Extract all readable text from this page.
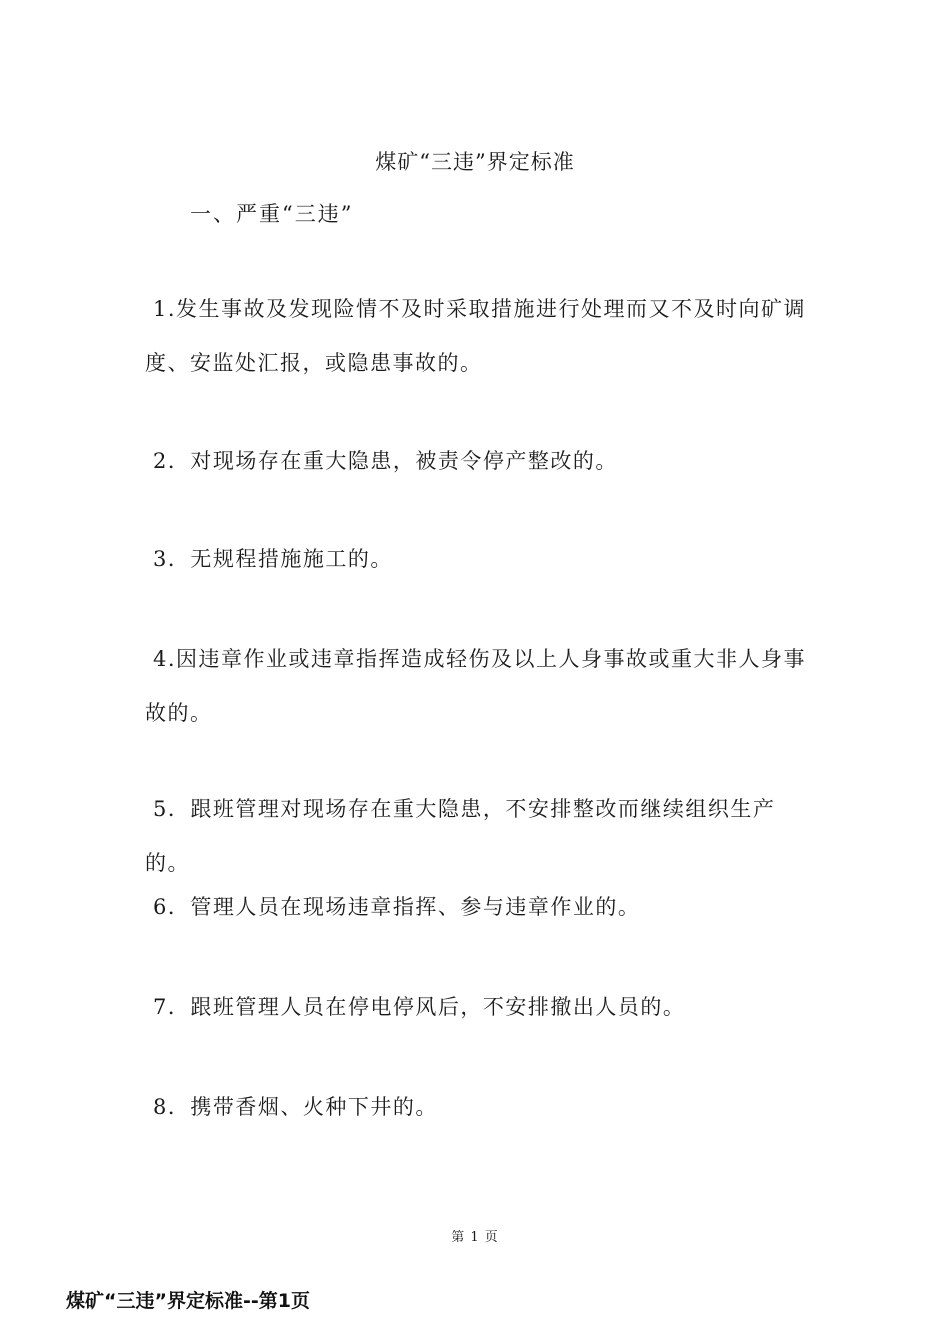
煤矿“三违”界定标准
一、严重“三违”
1.发生事故及发现险情不及时采取措施进行处理而又不及时向矿调度、安监处汇报，或隐患事故的。
2．对现场存在重大隐患，被责令停产整改的。
3．无规程措施施工的。
4.因违章作业或违章指挥造成轻伤及以上人身事故或重大非人身事故的。
5．跟班管理对现场存在重大隐患，不安排整改而继续组织生产的。
6．管理人员在现场违章指挥、参与违章作业的。
7．跟班管理人员在停电停风后，不安排撤出人员的。
8．携带香烟、火种下井的。
第 1 页
煤矿“三违”界定标准--第1页
